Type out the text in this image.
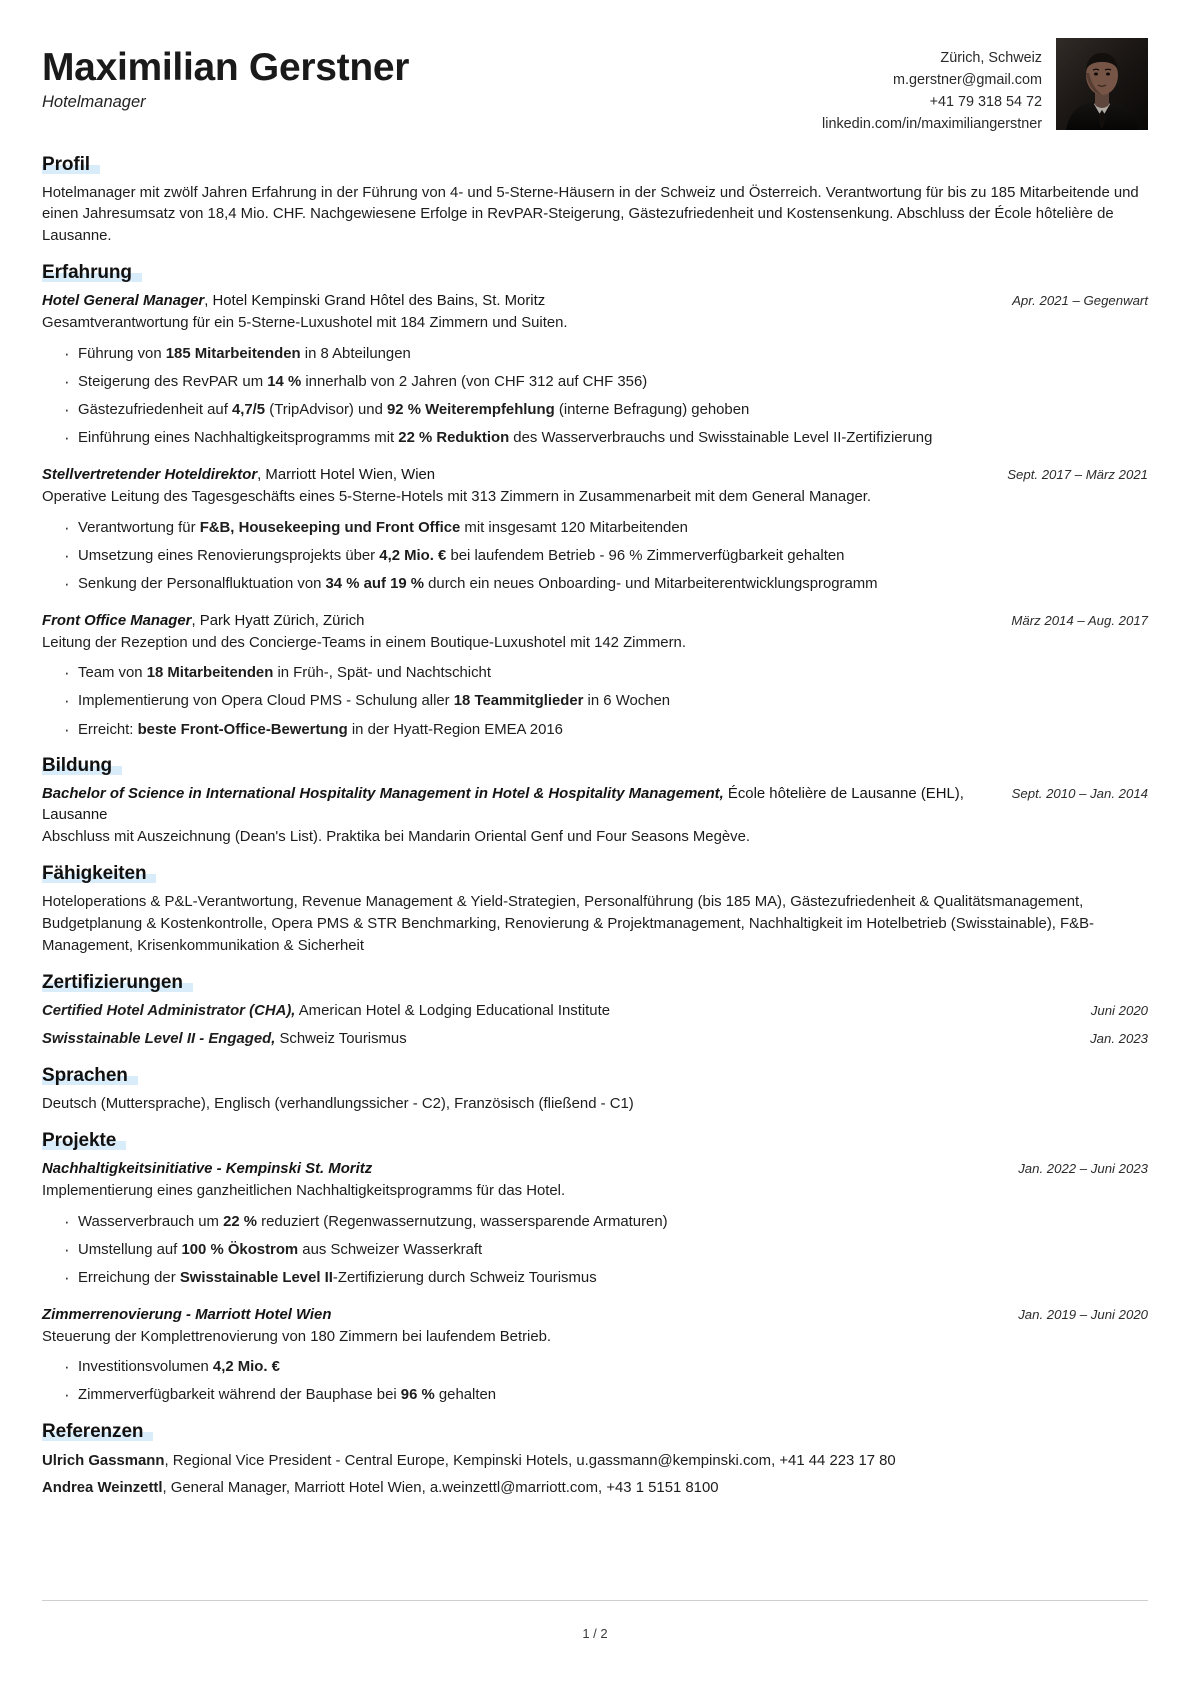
Maximilian Gerstner
Hotelmanager
Zürich, Schweiz
m.gerstner@gmail.com
+41 79 318 54 72
linkedin.com/in/maximiliangerstner
Profil
Hotelmanager mit zwölf Jahren Erfahrung in der Führung von 4- und 5-Sterne-Häusern in der Schweiz und Österreich. Verantwortung für bis zu 185 Mitarbeitende und einen Jahresumsatz von 18,4 Mio. CHF. Nachgewiesene Erfolge in RevPAR-Steigerung, Gästezufriedenheit und Kostensenkung. Abschluss der École hôtelière de Lausanne.
Erfahrung
Hotel General Manager, Hotel Kempinski Grand Hôtel des Bains, St. Moritz	Apr. 2021 – Gegenwart
Gesamtverantwortung für ein 5-Sterne-Luxushotel mit 184 Zimmern und Suiten.
· Führung von 185 Mitarbeitenden in 8 Abteilungen
· Steigerung des RevPAR um 14 % innerhalb von 2 Jahren (von CHF 312 auf CHF 356)
· Gästezufriedenheit auf 4,7/5 (TripAdvisor) und 92 % Weiterempfehlung (interne Befragung) gehoben
· Einführung eines Nachhaltigkeitsprogramms mit 22 % Reduktion des Wasserverbrauchs und Swisstainable Level II-Zertifizierung
Stellvertretender Hoteldirektor, Marriott Hotel Wien, Wien	Sept. 2017 – März 2021
Operative Leitung des Tagesgeschäfts eines 5-Sterne-Hotels mit 313 Zimmern in Zusammenarbeit mit dem General Manager.
· Verantwortung für F&B, Housekeeping und Front Office mit insgesamt 120 Mitarbeitenden
· Umsetzung eines Renovierungsprojekts über 4,2 Mio. € bei laufendem Betrieb - 96 % Zimmerverfügbarkeit gehalten
· Senkung der Personalfluktuation von 34 % auf 19 % durch ein neues Onboarding- und Mitarbeiterentwicklungsprogramm
Front Office Manager, Park Hyatt Zürich, Zürich	März 2014 – Aug. 2017
Leitung der Rezeption und des Concierge-Teams in einem Boutique-Luxushotel mit 142 Zimmern.
· Team von 18 Mitarbeitenden in Früh-, Spät- und Nachtschicht
· Implementierung von Opera Cloud PMS - Schulung aller 18 Teammitglieder in 6 Wochen
· Erreicht: beste Front-Office-Bewertung in der Hyatt-Region EMEA 2016
Bildung
Bachelor of Science in International Hospitality Management in Hotel & Hospitality Management, École hôtelière de Lausanne (EHL), Lausanne
Sept. 2010 – Jan. 2014
Abschluss mit Auszeichnung (Dean's List). Praktika bei Mandarin Oriental Genf und Four Seasons Megève.
Fähigkeiten
Hoteloperations & P&L-Verantwortung, Revenue Management & Yield-Strategien, Personalführung (bis 185 MA), Gästezufriedenheit & Qualitätsmanagement, Budgetplanung & Kostenkontrolle, Opera PMS & STR Benchmarking, Renovierung & Projektmanagement, Nachhaltigkeit im Hotelbetrieb (Swisstainable), F&B-Management, Krisenkommunikation & Sicherheit
Zertifizierungen
Certified Hotel Administrator (CHA), American Hotel & Lodging Educational Institute	Juni 2020
Swisstainable Level II - Engaged, Schweiz Tourismus	Jan. 2023
Sprachen
Deutsch (Muttersprache), Englisch (verhandlungssicher - C2), Französisch (fließend - C1)
Projekte
Nachhaltigkeitsinitiative - Kempinski St. Moritz	Jan. 2022 – Juni 2023
Implementierung eines ganzheitlichen Nachhaltigkeitsprogramms für das Hotel.
· Wasserverbrauch um 22 % reduziert (Regenwassernutzung, wassersparende Armaturen)
· Umstellung auf 100 % Ökostrom aus Schweizer Wasserkraft
· Erreichung der Swisstainable Level II-Zertifizierung durch Schweiz Tourismus
Zimmerrenovierung - Marriott Hotel Wien	Jan. 2019 – Juni 2020
Steuerung der Komplettrenovierung von 180 Zimmern bei laufendem Betrieb.
· Investitionsvolumen 4,2 Mio. €
· Zimmerverfügbarkeit während der Bauphase bei 96 % gehalten
Referenzen
Ulrich Gassmann, Regional Vice President - Central Europe, Kempinski Hotels, u.gassmann@kempinski.com, +41 44 223 17 80
Andrea Weinzettl, General Manager, Marriott Hotel Wien, a.weinzettl@marriott.com, +43 1 5151 8100
1 / 2
